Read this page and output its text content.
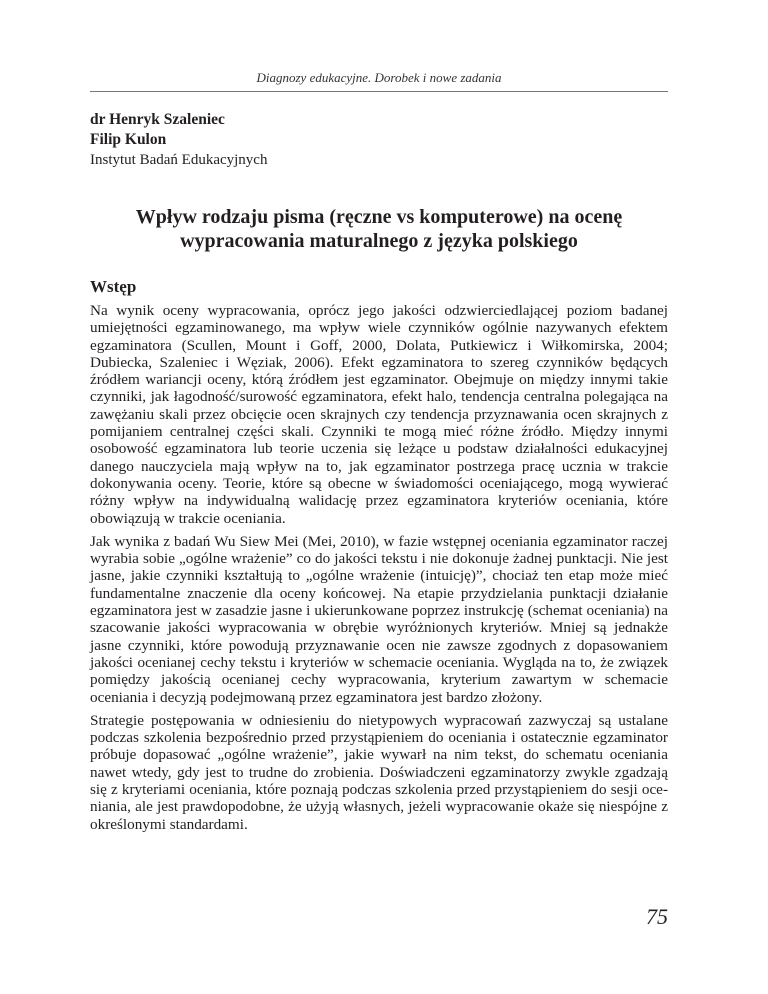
Diagnozy edukacyjne. Dorobek i nowe zadania
dr Henryk Szaleniec
Filip Kulon
Instytut Badań Edukacyjnych
Wpływ rodzaju pisma (ręczne vs komputerowe) na ocenę
wypracowania maturalnego z języka polskiego
Wstęp

Na wynik oceny wypracowania, oprócz jego jakości odzwierciedlającej poziom badanej umiejętności egzaminowanego, ma wpływ wiele czynników ogólnie nazywanych efektem egzaminatora (Scullen, Mount i Goff, 2000, Dolata, Putkiewicz i Wiłkomirska, 2004; Dubiecka, Szaleniec i Węziak, 2006). Efekt egzaminatora to szereg czynników będących źródłem wariancji oceny, którą źródłem jest egzaminator. Obejmuje on między innymi takie czynniki, jak łagodność/surowość egzaminatora, efekt halo, tendencja centralna polegająca na zawężaniu skali przez obcięcie ocen skrajnych czy tendencja przyznawania ocen skrajnych z pomijaniem centralnej części skali. Czynniki te mogą mieć różne źródło. Między innymi osobowość egzaminatora lub teorie uczenia się leżące u podstaw działalności edukacyjnej danego nauczyciela mają wpływ na to, jak egzaminator postrzega pracę ucznia w trakcie dokonywania oceny. Teorie, które są obecne w świadomości oceniającego, mogą wywierać różny wpływ na indywidualną walidację przez egzaminatora kryteriów oceniania, które obowiązują w trakcie oceniania.

Jak wynika z badań Wu Siew Mei (Mei, 2010), w fazie wstępnej oceniania egzaminator raczej wyrabia sobie „ogólne wrażenie” co do jakości tekstu i nie dokonuje żadnej punktacji. Nie jest jasne, jakie czynniki kształtują to „ogólne wrażenie (intuicję)”, chociaż ten etap może mieć fundamentalne znaczenie dla oceny końcowej. Na etapie przydzielania punktacji działanie egzaminatora jest w zasadzie jasne i ukierunkowane poprzez instrukcję (schemat oceniania) na szacowanie jakości wypracowania w obrębie wyróżnionych kryteriów. Mniej są jednakże jasne czynniki, które powodują przyznawanie ocen nie zawsze zgodnych z dopasowaniem jakości ocenianej cechy tekstu i kryteriów w schemacie oceniania. Wygląda na to, że związek pomiędzy jakością ocenianej cechy wypracowania, kryterium zawartym w schemacie oceniania i decyzją podejmowaną przez egzaminatora jest bardzo złożony.

Strategie postępowania w odniesieniu do nietypowych wypracowań zazwyczaj są ustalane podczas szkolenia bezpośrednio przed przystąpieniem do oceniania i ostatecznie egzaminator próbuje dopasować „ogólne wrażenie”, jakie wywarł na nim tekst, do schematu oceniania nawet wtedy, gdy jest to trudne do zrobienia. Doświadczeni egzaminatorzy zwykle zgadzają się z kryteriami oceniania, które poznają podczas szkolenia przed przystąpieniem do sesji oceniania, ale jest prawdopodobne, że użyją własnych, jeżeli wypracowanie okaże się niespójne z określonymi standardami.

75
